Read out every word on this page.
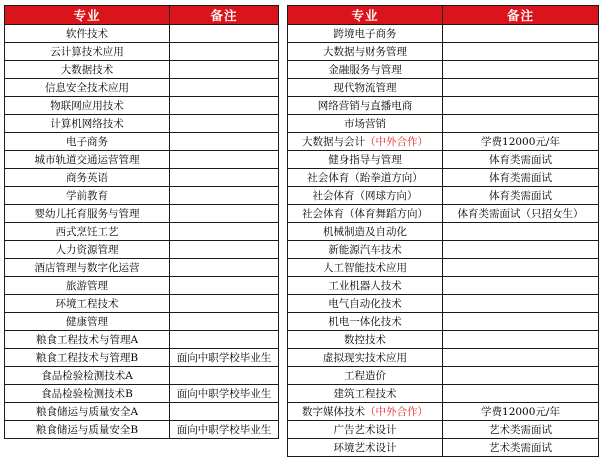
专业	备注
软件技术	
云计算技术应用	
大数据技术	
信息安全技术应用	
物联网应用技术	
计算机网络技术	
电子商务	
城市轨道交通运营管理	
商务英语	
学前教育	
婴幼儿托育服务与管理	
西式烹饪工艺	
人力资源管理	
酒店管理与数字化运营	
旅游管理	
环境工程技术	
健康管理	
粮食工程技术与管理A	
粮食工程技术与管理B	面向中职学校毕业生
食品检验检测技术A	
食品检验检测技术B	面向中职学校毕业生
粮食储运与质量安全A	
粮食储运与质量安全B	面向中职学校毕业生
专业	备注
跨境电子商务	
大数据与财务管理	
金融服务与管理	
现代物流管理	
网络营销与直播电商	
市场营销	
大数据与会计（中外合作）	学费12000元/年
健身指导与管理	体育类需面试
社会体育（跆拳道方向）	体育类需面试
社会体育（网球方向）	体育类需面试
社会体育（体育舞蹈方向）	体育类需面试（只招女生）
机械制造及自动化	
新能源汽车技术	
人工智能技术应用	
工业机器人技术	
电气自动化技术	
机电一体化技术	
数控技术	
虚拟现实技术应用	
工程造价	
建筑工程技术	
数字媒体技术（中外合作）	学费12000元/年
广告艺术设计	艺术类需面试
环境艺术设计	艺术类需面试
